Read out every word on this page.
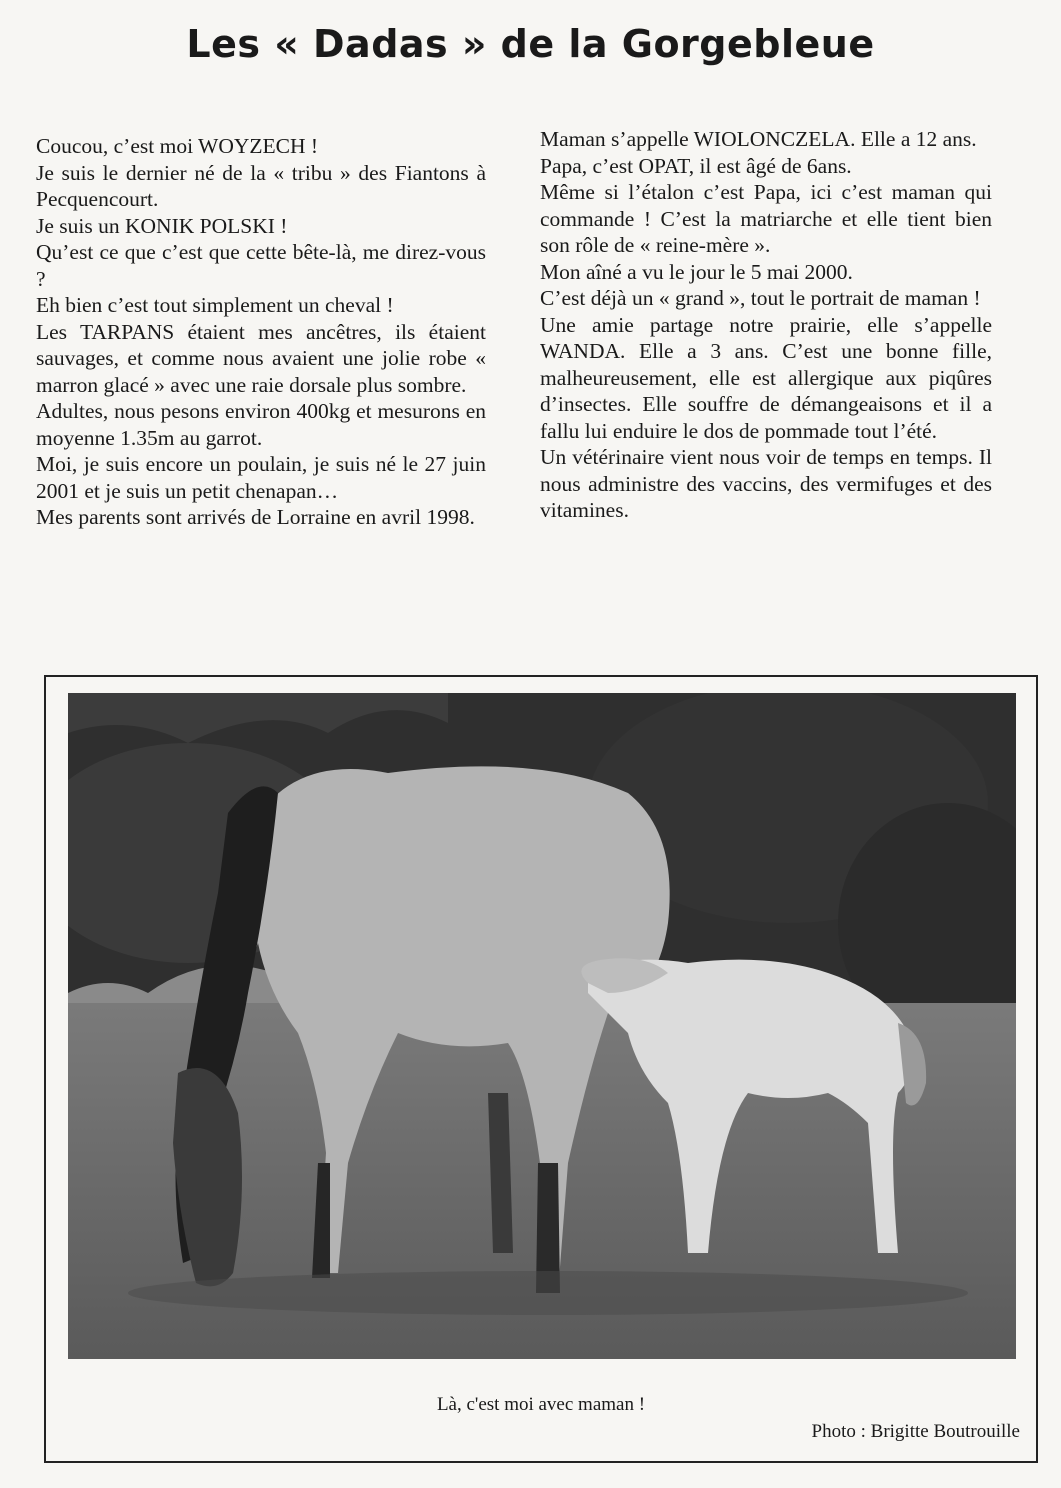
Les « Dadas » de la Gorgebleue

Coucou, c’est moi WOYZECH !

Je suis le dernier né de la « tribu » des Fiantons à Pecquencourt.

Je suis un KONIK POLSKI !

Qu’est ce que c’est que cette bête-là, me direz-vous ?

Eh bien c’est tout simplement un cheval !

Les TARPANS étaient mes ancêtres, ils étaient sauvages, et comme nous avaient une jolie robe « marron glacé » avec une raie dorsale plus sombre.

Adultes, nous pesons environ 400kg et mesurons en moyenne 1.35m au garrot.

Moi, je suis encore un poulain, je suis né le 27 juin 2001 et je suis un petit chenapan…

Mes parents sont arrivés de Lorraine en avril 1998.

Maman s’appelle WIOLONCZELA. Elle a 12 ans.

Papa, c’est OPAT, il est âgé de 6ans.

Même si l’étalon c’est Papa, ici c’est maman qui commande ! C’est la matriarche et elle tient bien son rôle de « reine-mère ».

Mon aîné a vu le jour le 5 mai 2000.

C’est déjà un « grand », tout le portrait de maman !

Une amie partage notre prairie, elle s’appelle WANDA. Elle a 3 ans. C’est une bonne fille, malheureusement, elle est allergique aux piqûres d’insectes. Elle souffre de démangeaisons et il a fallu lui enduire le dos de pommade tout l’été.

Un vétérinaire vient nous voir de temps en temps. Il nous administre des vaccins, des vermifuges et des vitamines.

Là, c'est moi avec maman !
Photo : Brigitte Boutrouille
